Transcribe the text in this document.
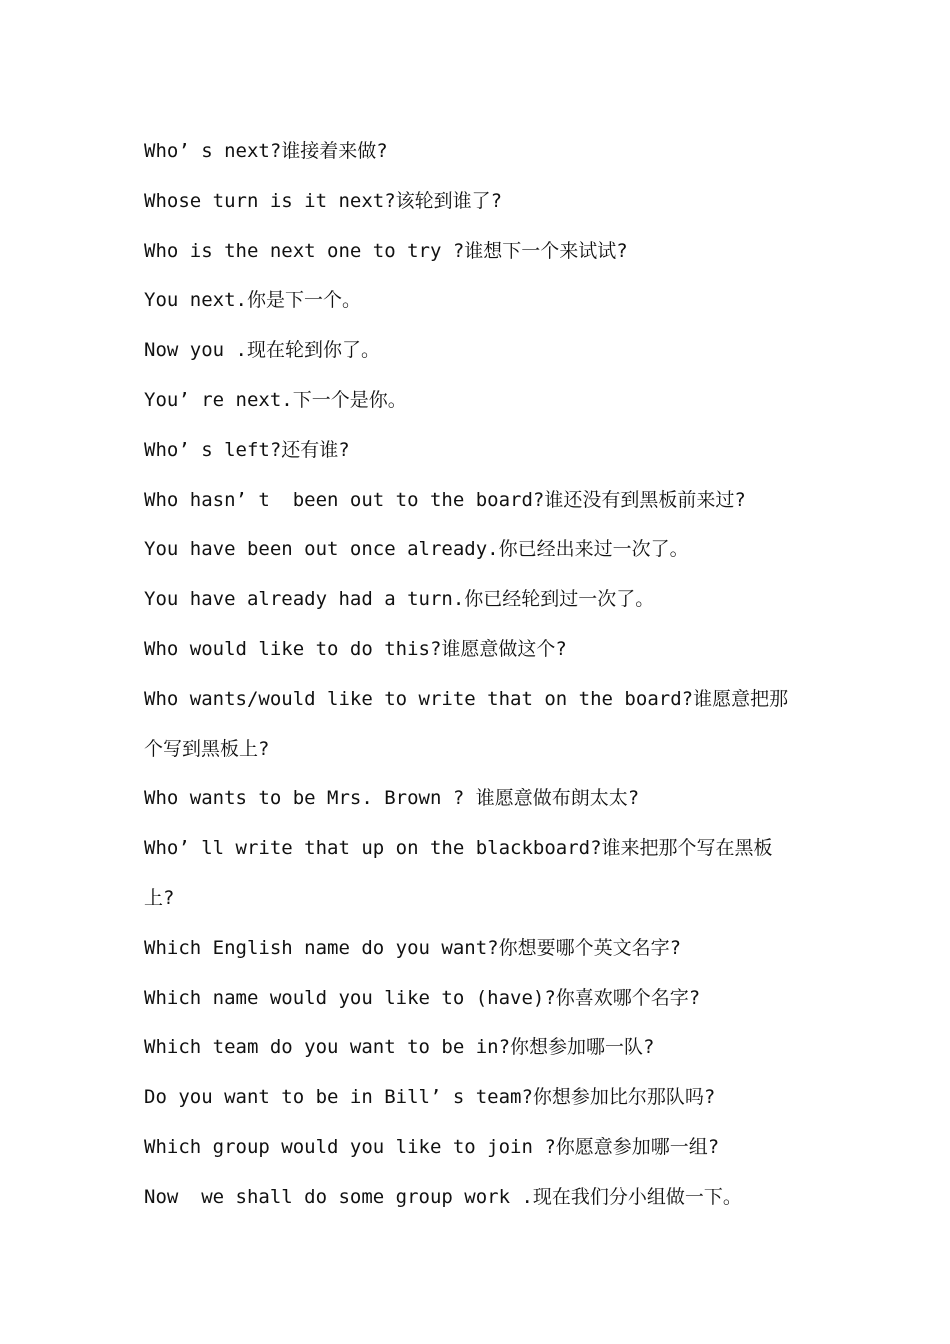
Who’ s next?谁接着来做?
Whose turn is it next?该轮到谁了?
Who is the next one to try ?谁想下一个来试试?
You next.你是下一个。
Now you .现在轮到你了。
You’ re next.下一个是你。
Who’ s left?还有谁?
Who hasn’ t  been out to the board?谁还没有到黑板前来过?
You have been out once already.你已经出来过一次了。
You have already had a turn.你已经轮到过一次了。
Who would like to do this?谁愿意做这个?
Who wants/would like to write that on the board?谁愿意把那
个写到黑板上?
Who wants to be Mrs. Brown ? 谁愿意做布朗太太?
Who’ ll write that up on the blackboard?谁来把那个写在黑板
上?
Which English name do you want?你想要哪个英文名字?
Which name would you like to (have)?你喜欢哪个名字?
Which team do you want to be in?你想参加哪一队?
Do you want to be in Bill’ s team?你想参加比尔那队吗?
Which group would you like to join ?你愿意参加哪一组?
Now  we shall do some group work .现在我们分小组做一下。
